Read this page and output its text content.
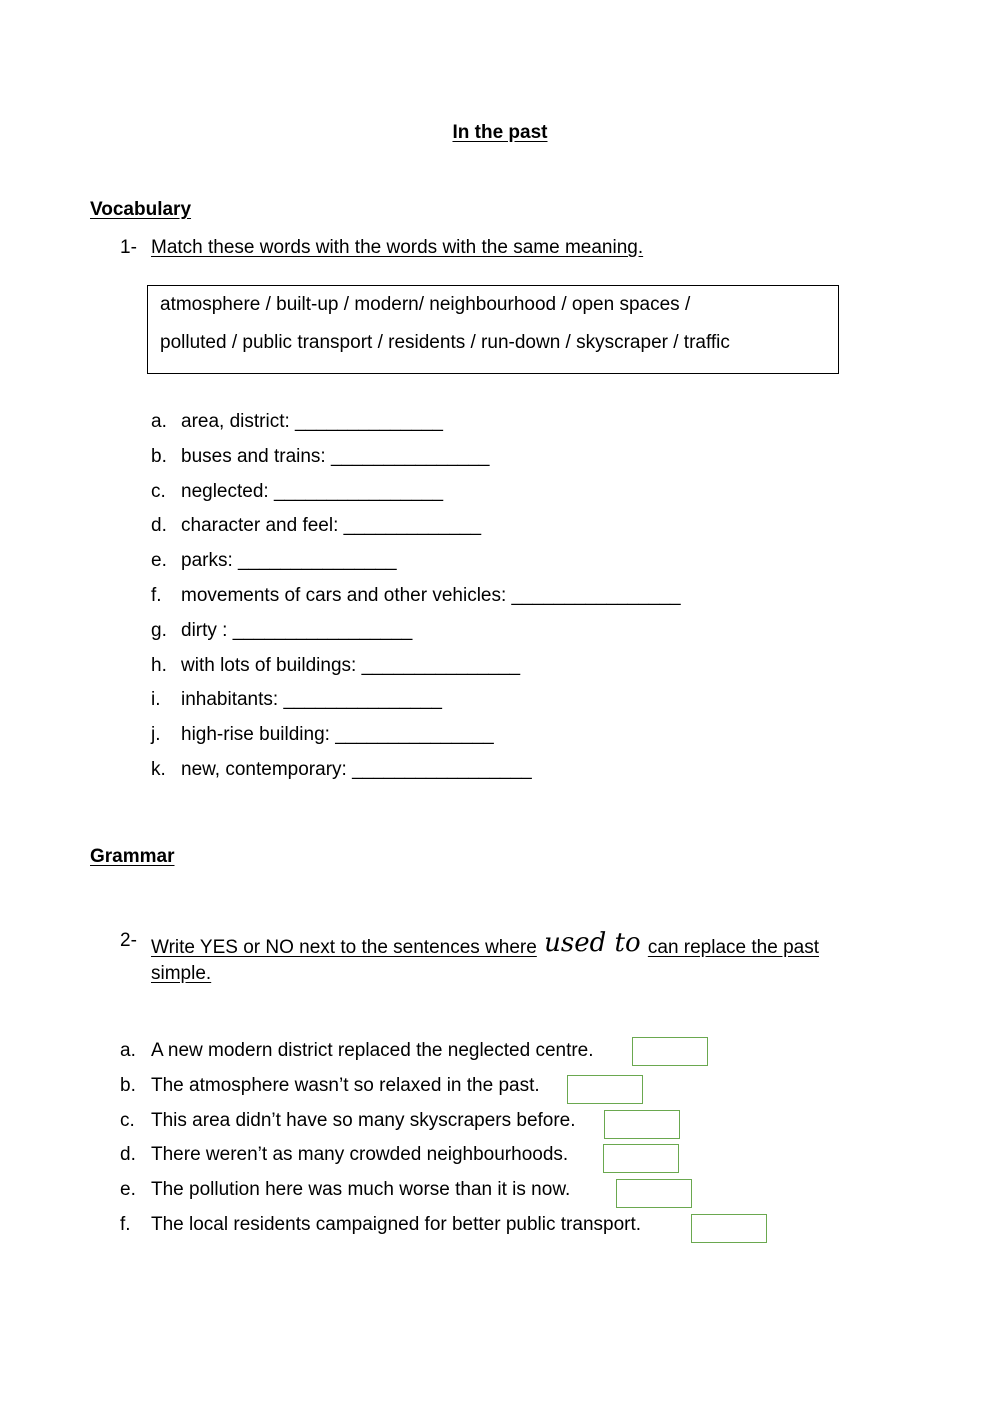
In the past
Vocabulary
1- Match these words with the words with the same meaning.
atmosphere / built-up / modern/ neighbourhood / open spaces /
polluted / public transport / residents / run-down / skyscraper / traffic
a. area, district: ______________
b. buses and trains: _______________
c. neglected: ________________
d. character and feel: _____________
e. parks: _______________
f. movements of cars and other vehicles: ________________
g. dirty : _________________
h. with lots of buildings: _______________
i. inhabitants: _______________
j. high-rise building: _______________
k. new, contemporary: _________________
Grammar
2- Write YES or NO next to the sentences where used to can replace the past
simple.
a. A new modern district replaced the neglected centre.
b. The atmosphere wasn’t so relaxed in the past.
c. This area didn’t have so many skyscrapers before.
d. There weren’t as many crowded neighbourhoods.
e. The pollution here was much worse than it is now.
f. The local residents campaigned for better public transport.
